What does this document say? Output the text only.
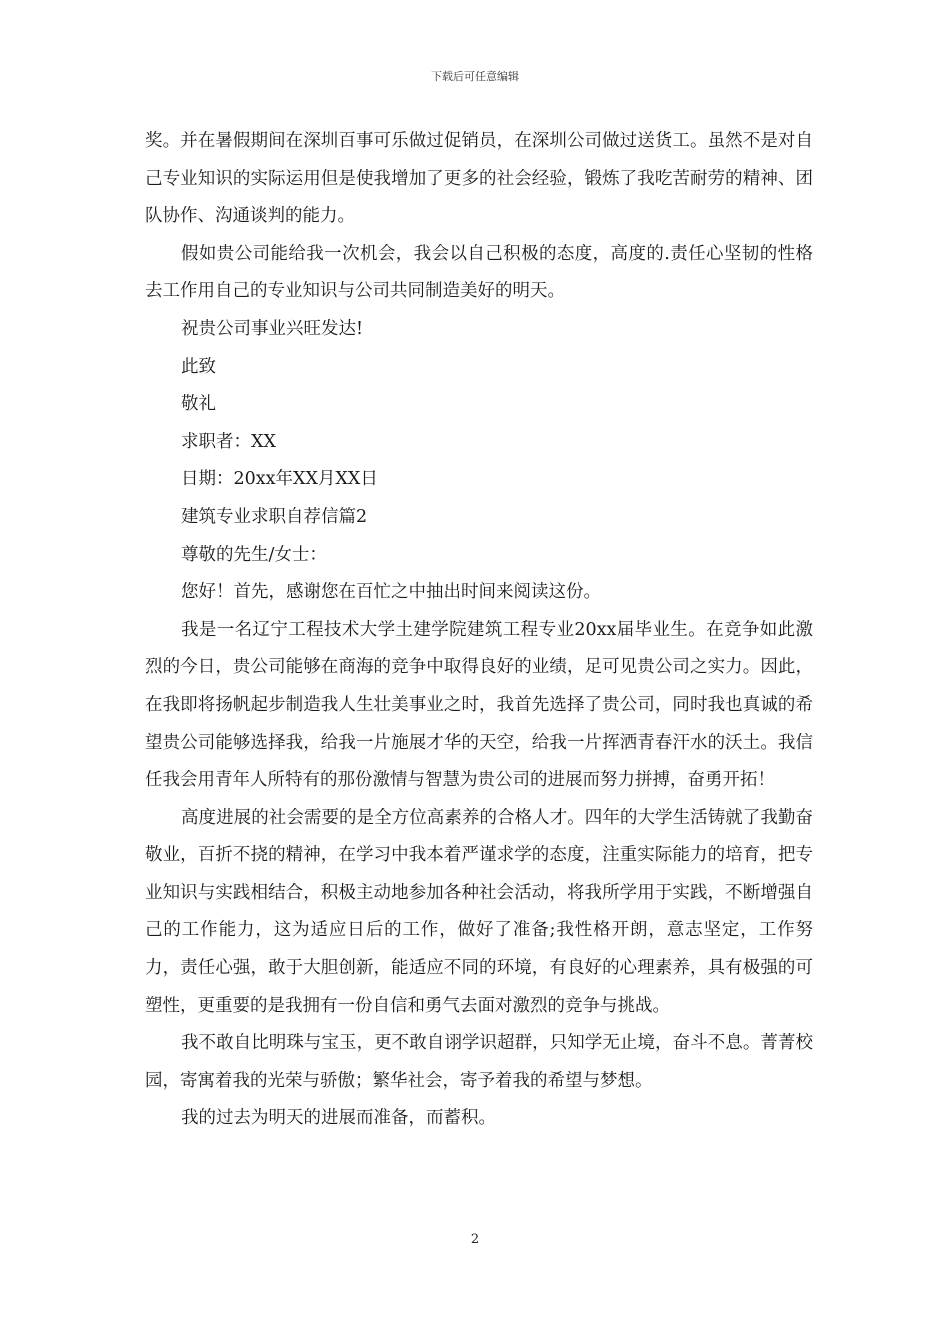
下载后可任意编辑

奖。并在暑假期间在深圳百事可乐做过促销员，在深圳公司做过送货工。虽然不是对自己专业知识的实际运用但是使我增加了更多的社会经验，锻炼了我吃苦耐劳的精神、团队协作、沟通谈判的能力。

假如贵公司能给我一次机会，我会以自己积极的态度，高度的.责任心坚韧的性格去工作用自己的专业知识与公司共同制造美好的明天。

祝贵公司事业兴旺发达!

此致

敬礼

求职者：XX

日期：20xx年XX月XX日

建筑专业求职自荐信篇2

尊敬的先生/女士：

您好！首先，感谢您在百忙之中抽出时间来阅读这份。

我是一名辽宁工程技术大学土建学院建筑工程专业20xx届毕业生。在竞争如此激烈的今日，贵公司能够在商海的竞争中取得良好的业绩，足可见贵公司之实力。因此，在我即将扬帆起步制造我人生壮美事业之时，我首先选择了贵公司，同时我也真诚的希望贵公司能够选择我，给我一片施展才华的天空，给我一片挥洒青春汗水的沃土。我信任我会用青年人所特有的那份激情与智慧为贵公司的进展而努力拼搏，奋勇开拓！

高度进展的社会需要的是全方位高素养的合格人才。四年的大学生活铸就了我勤奋敬业，百折不挠的精神，在学习中我本着严谨求学的态度，注重实际能力的培育，把专业知识与实践相结合，积极主动地参加各种社会活动，将我所学用于实践，不断增强自己的工作能力，这为适应日后的工作，做好了准备;我性格开朗，意志坚定，工作努力，责任心强，敢于大胆创新，能适应不同的环境，有良好的心理素养，具有极强的可塑性，更重要的是我拥有一份自信和勇气去面对激烈的竞争与挑战。

我不敢自比明珠与宝玉，更不敢自诩学识超群，只知学无止境，奋斗不息。菁菁校园，寄寓着我的光荣与骄傲；繁华社会，寄予着我的希望与梦想。

我的过去为明天的进展而准备，而蓄积。

2
